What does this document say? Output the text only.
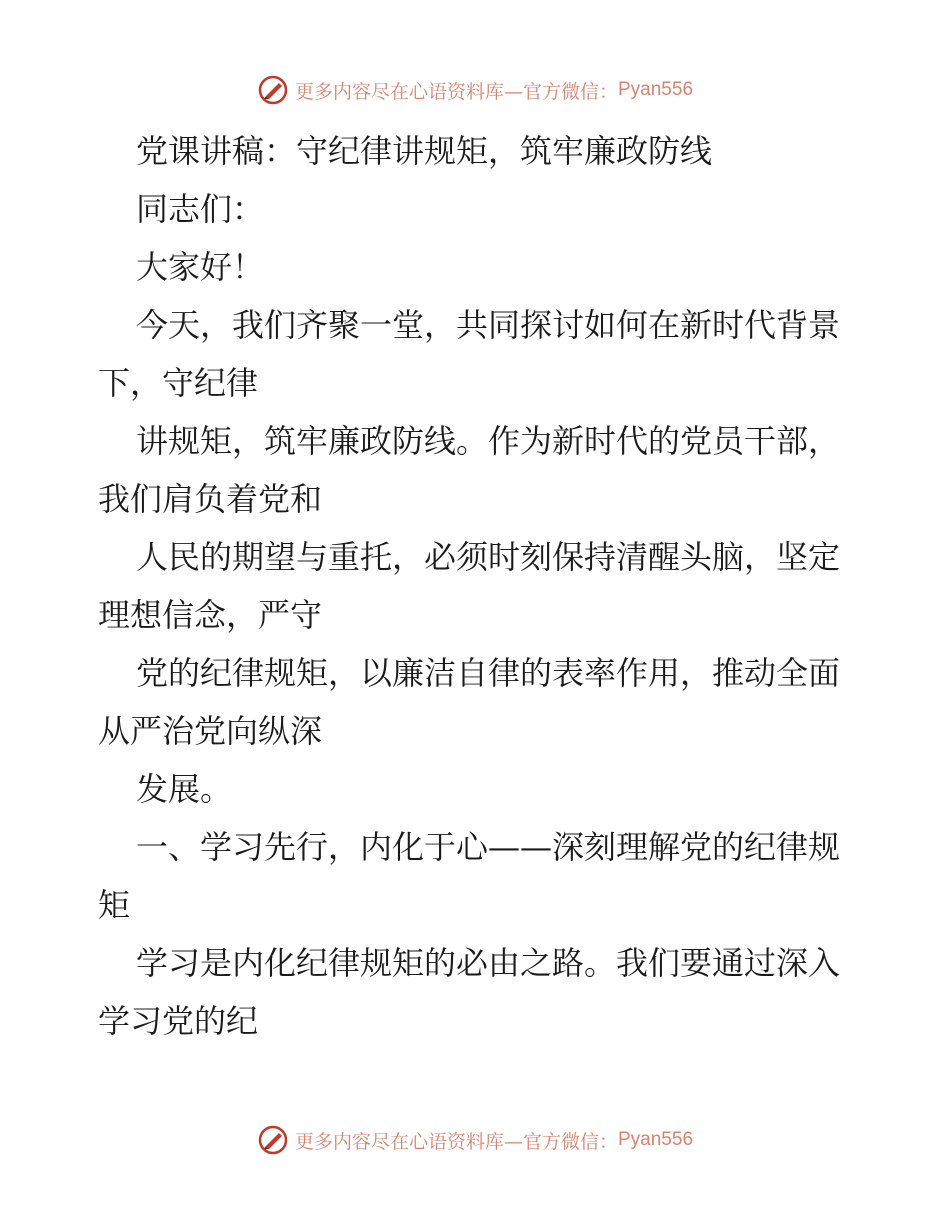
更多内容尽在心语资料库—官方微信： Pyan556

党课讲稿：守纪律讲规矩，筑牢廉政防线

同志们：

大家好！

今天，我们齐聚一堂，共同探讨如何在新时代背景下，守纪律

讲规矩，筑牢廉政防线。作为新时代的党员干部，我们肩负着党和

人民的期望与重托，必须时刻保持清醒头脑，坚定理想信念，严守

党的纪律规矩，以廉洁自律的表率作用，推动全面从严治党向纵深

发展。

一、学习先行，内化于心——深刻理解党的纪律规矩

学习是内化纪律规矩的必由之路。我们要通过深入学习党的纪

更多内容尽在心语资料库—官方微信： Pyan556
